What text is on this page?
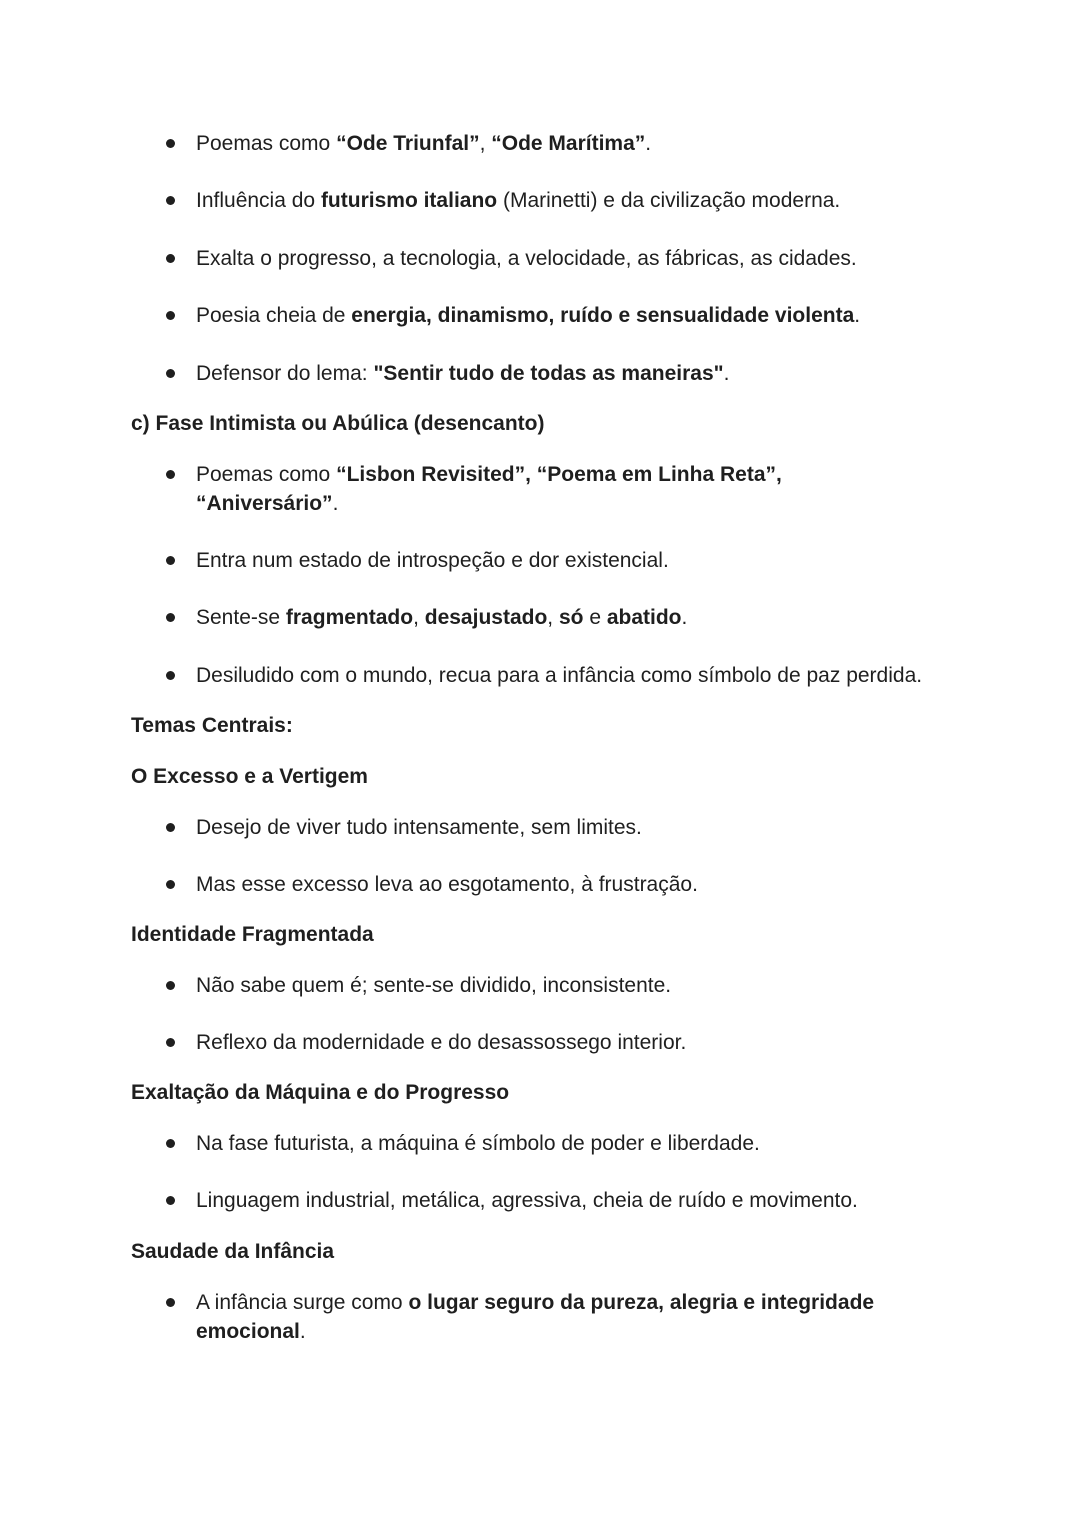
Poemas como “Ode Triunfal”, “Ode Marítima”.
Influência do futurismo italiano (Marinetti) e da civilização moderna.
Exalta o progresso, a tecnologia, a velocidade, as fábricas, as cidades.
Poesia cheia de energia, dinamismo, ruído e sensualidade violenta.
Defensor do lema: "Sentir tudo de todas as maneiras".
c) Fase Intimista ou Abúlica (desencanto)
Poemas como “Lisbon Revisited”, “Poema em Linha Reta”, “Aniversário”.
Entra num estado de introspeção e dor existencial.
Sente-se fragmentado, desajustado, só e abatido.
Desiludido com o mundo, recua para a infância como símbolo de paz perdida.
Temas Centrais:
O Excesso e a Vertigem
Desejo de viver tudo intensamente, sem limites.
Mas esse excesso leva ao esgotamento, à frustração.
Identidade Fragmentada
Não sabe quem é; sente-se dividido, inconsistente.
Reflexo da modernidade e do desassossego interior.
Exaltação da Máquina e do Progresso
Na fase futurista, a máquina é símbolo de poder e liberdade.
Linguagem industrial, metálica, agressiva, cheia de ruído e movimento.
Saudade da Infância
A infância surge como o lugar seguro da pureza, alegria e integridade emocional.
